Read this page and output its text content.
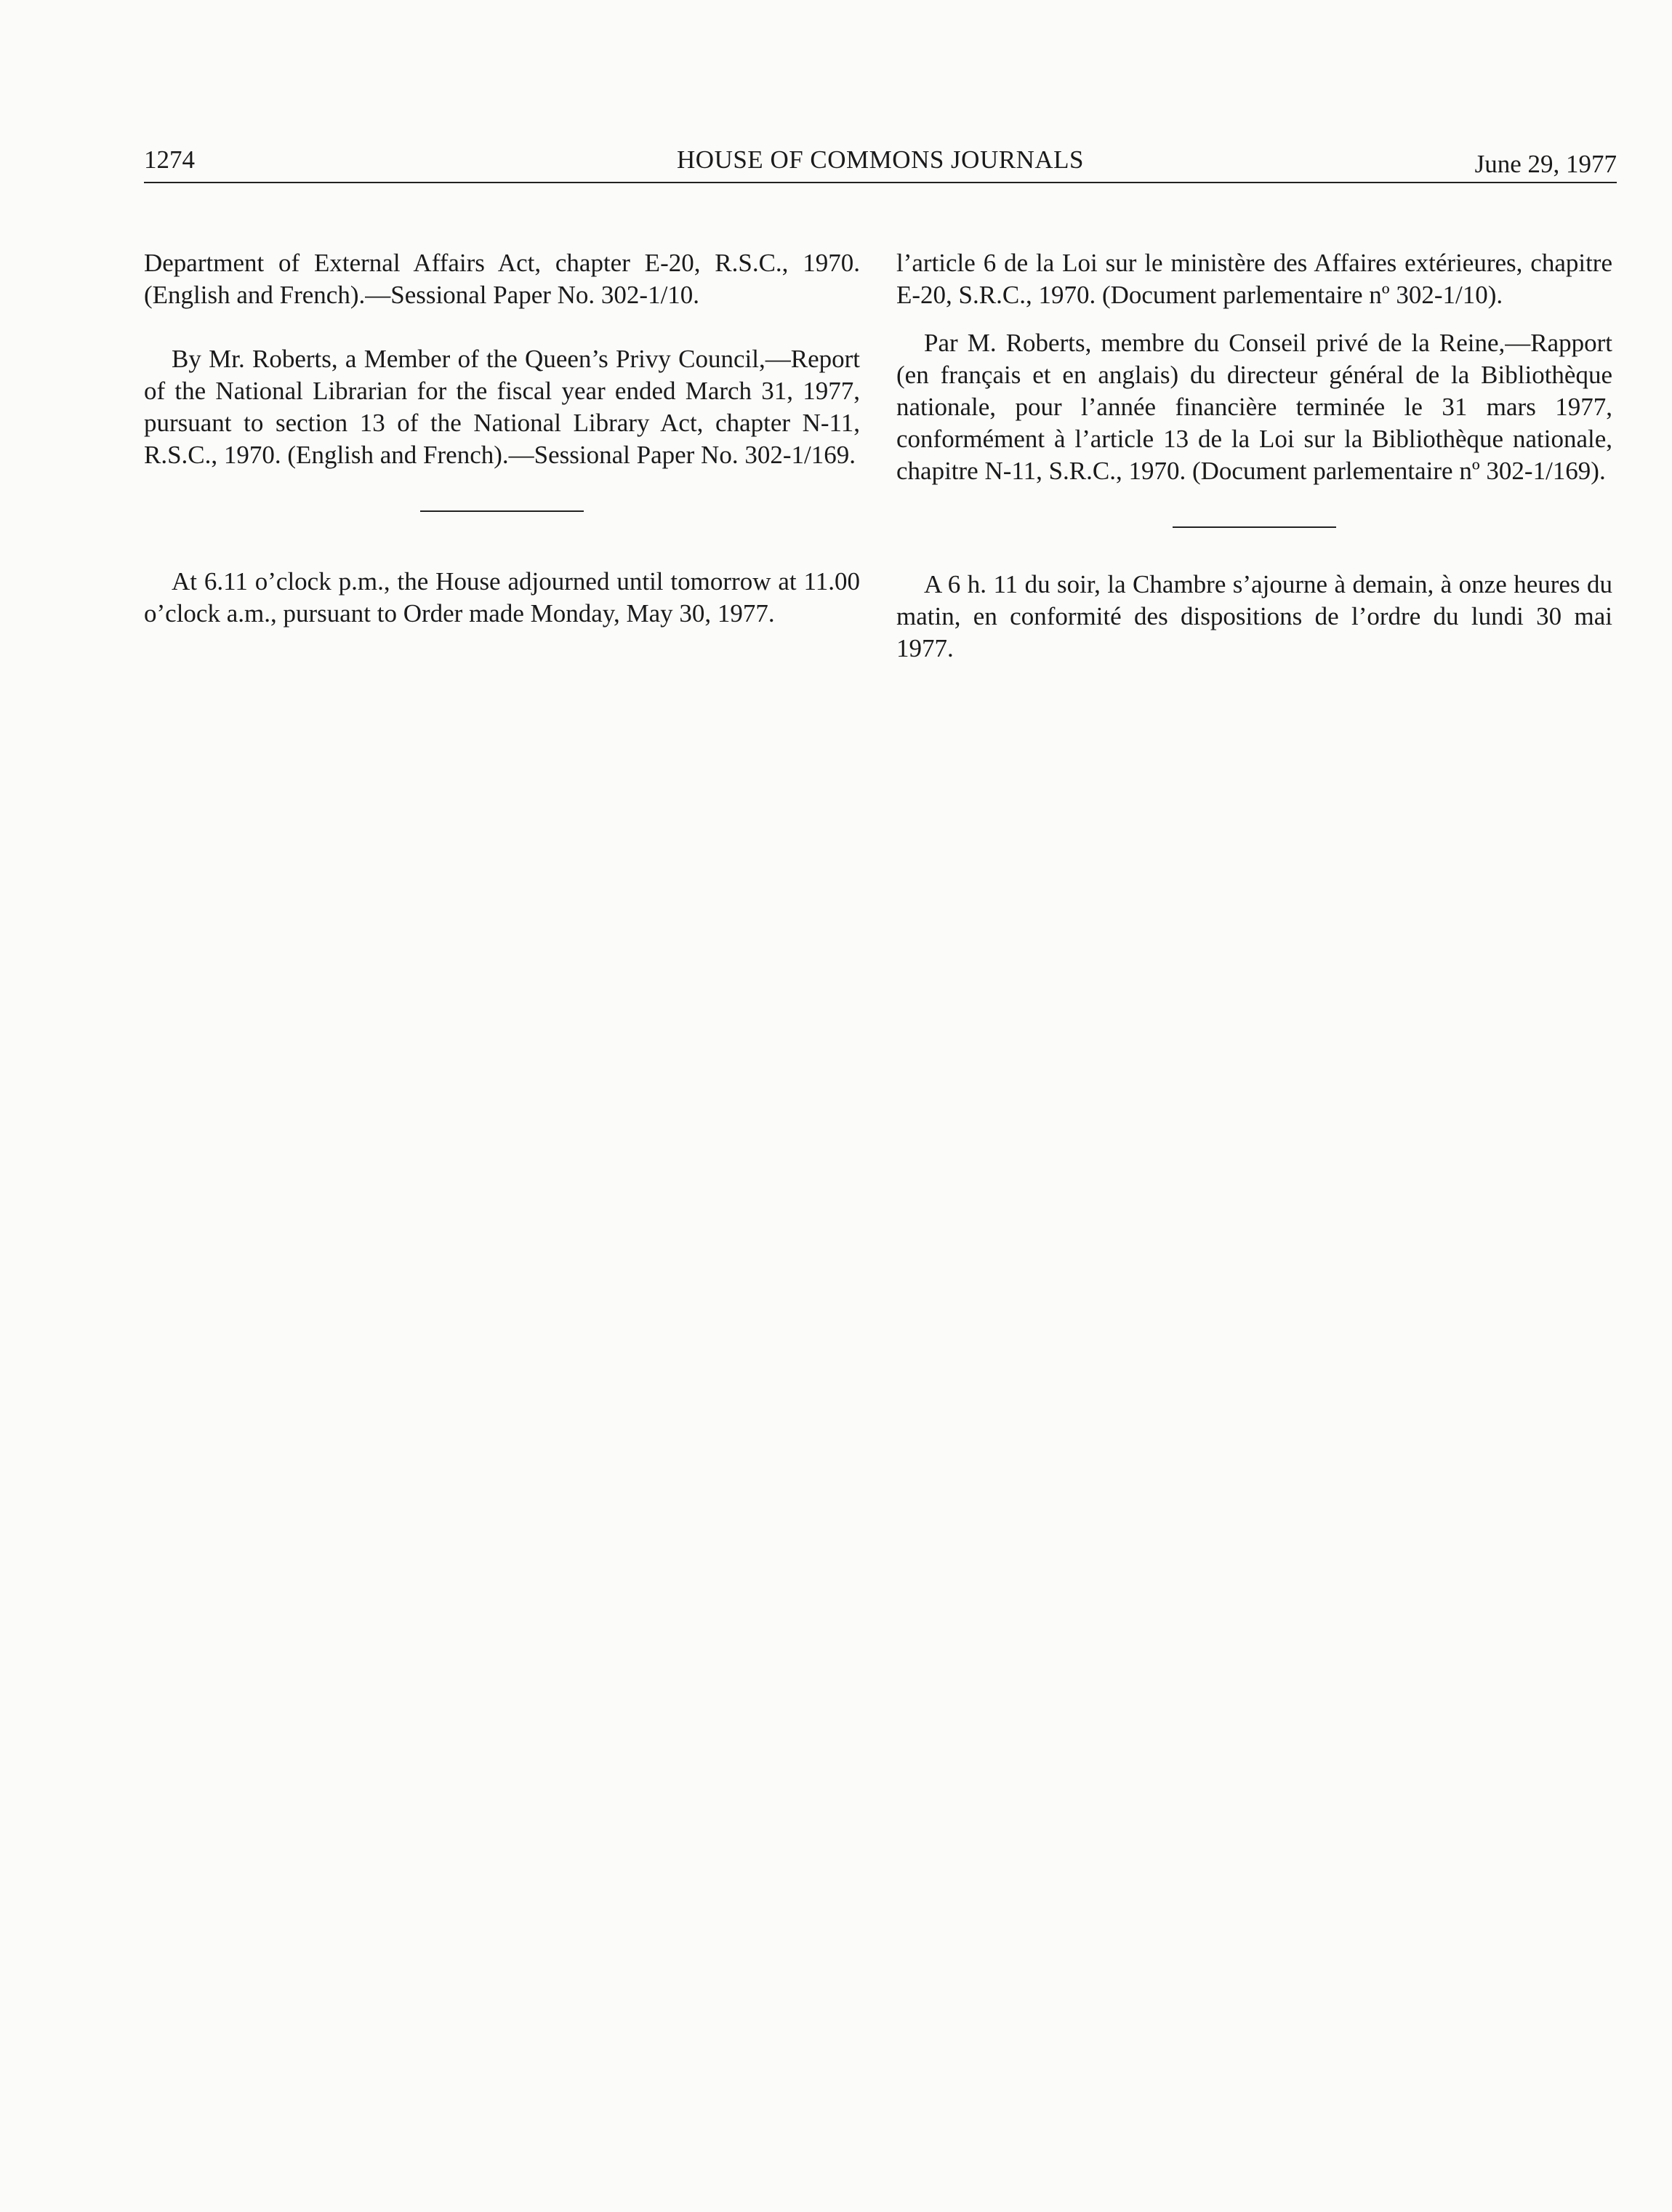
1274	HOUSE OF COMMONS JOURNALS	June 29, 1977

Department of External Affairs Act, chapter E-20, R.S.C., 1970. (English and French).—Sessional Paper No. 302-1/10.

By Mr. Roberts, a Member of the Queen’s Privy Council,—Report of the National Librarian for the fiscal year ended March 31, 1977, pursuant to section 13 of the National Library Act, chapter N-11, R.S.C., 1970. (English and French).—Sessional Paper No. 302-1/169.

At 6.11 o’clock p.m., the House adjourned until tomorrow at 11.00 o’clock a.m., pursuant to Order made Monday, May 30, 1977.

l’article 6 de la Loi sur le ministère des Affaires extérieures, chapitre E-20, S.R.C., 1970. (Document parlementaire nº 302-1/10).

Par M. Roberts, membre du Conseil privé de la Reine,—Rapport (en français et en anglais) du directeur général de la Bibliothèque nationale, pour l’année financière terminée le 31 mars 1977, conformément à l’article 13 de la Loi sur la Bibliothèque nationale, chapitre N-11, S.R.C., 1970. (Document parlementaire nº 302-1/169).

A 6 h. 11 du soir, la Chambre s’ajourne à demain, à onze heures du matin, en conformité des dispositions de l’ordre du lundi 30 mai 1977.
